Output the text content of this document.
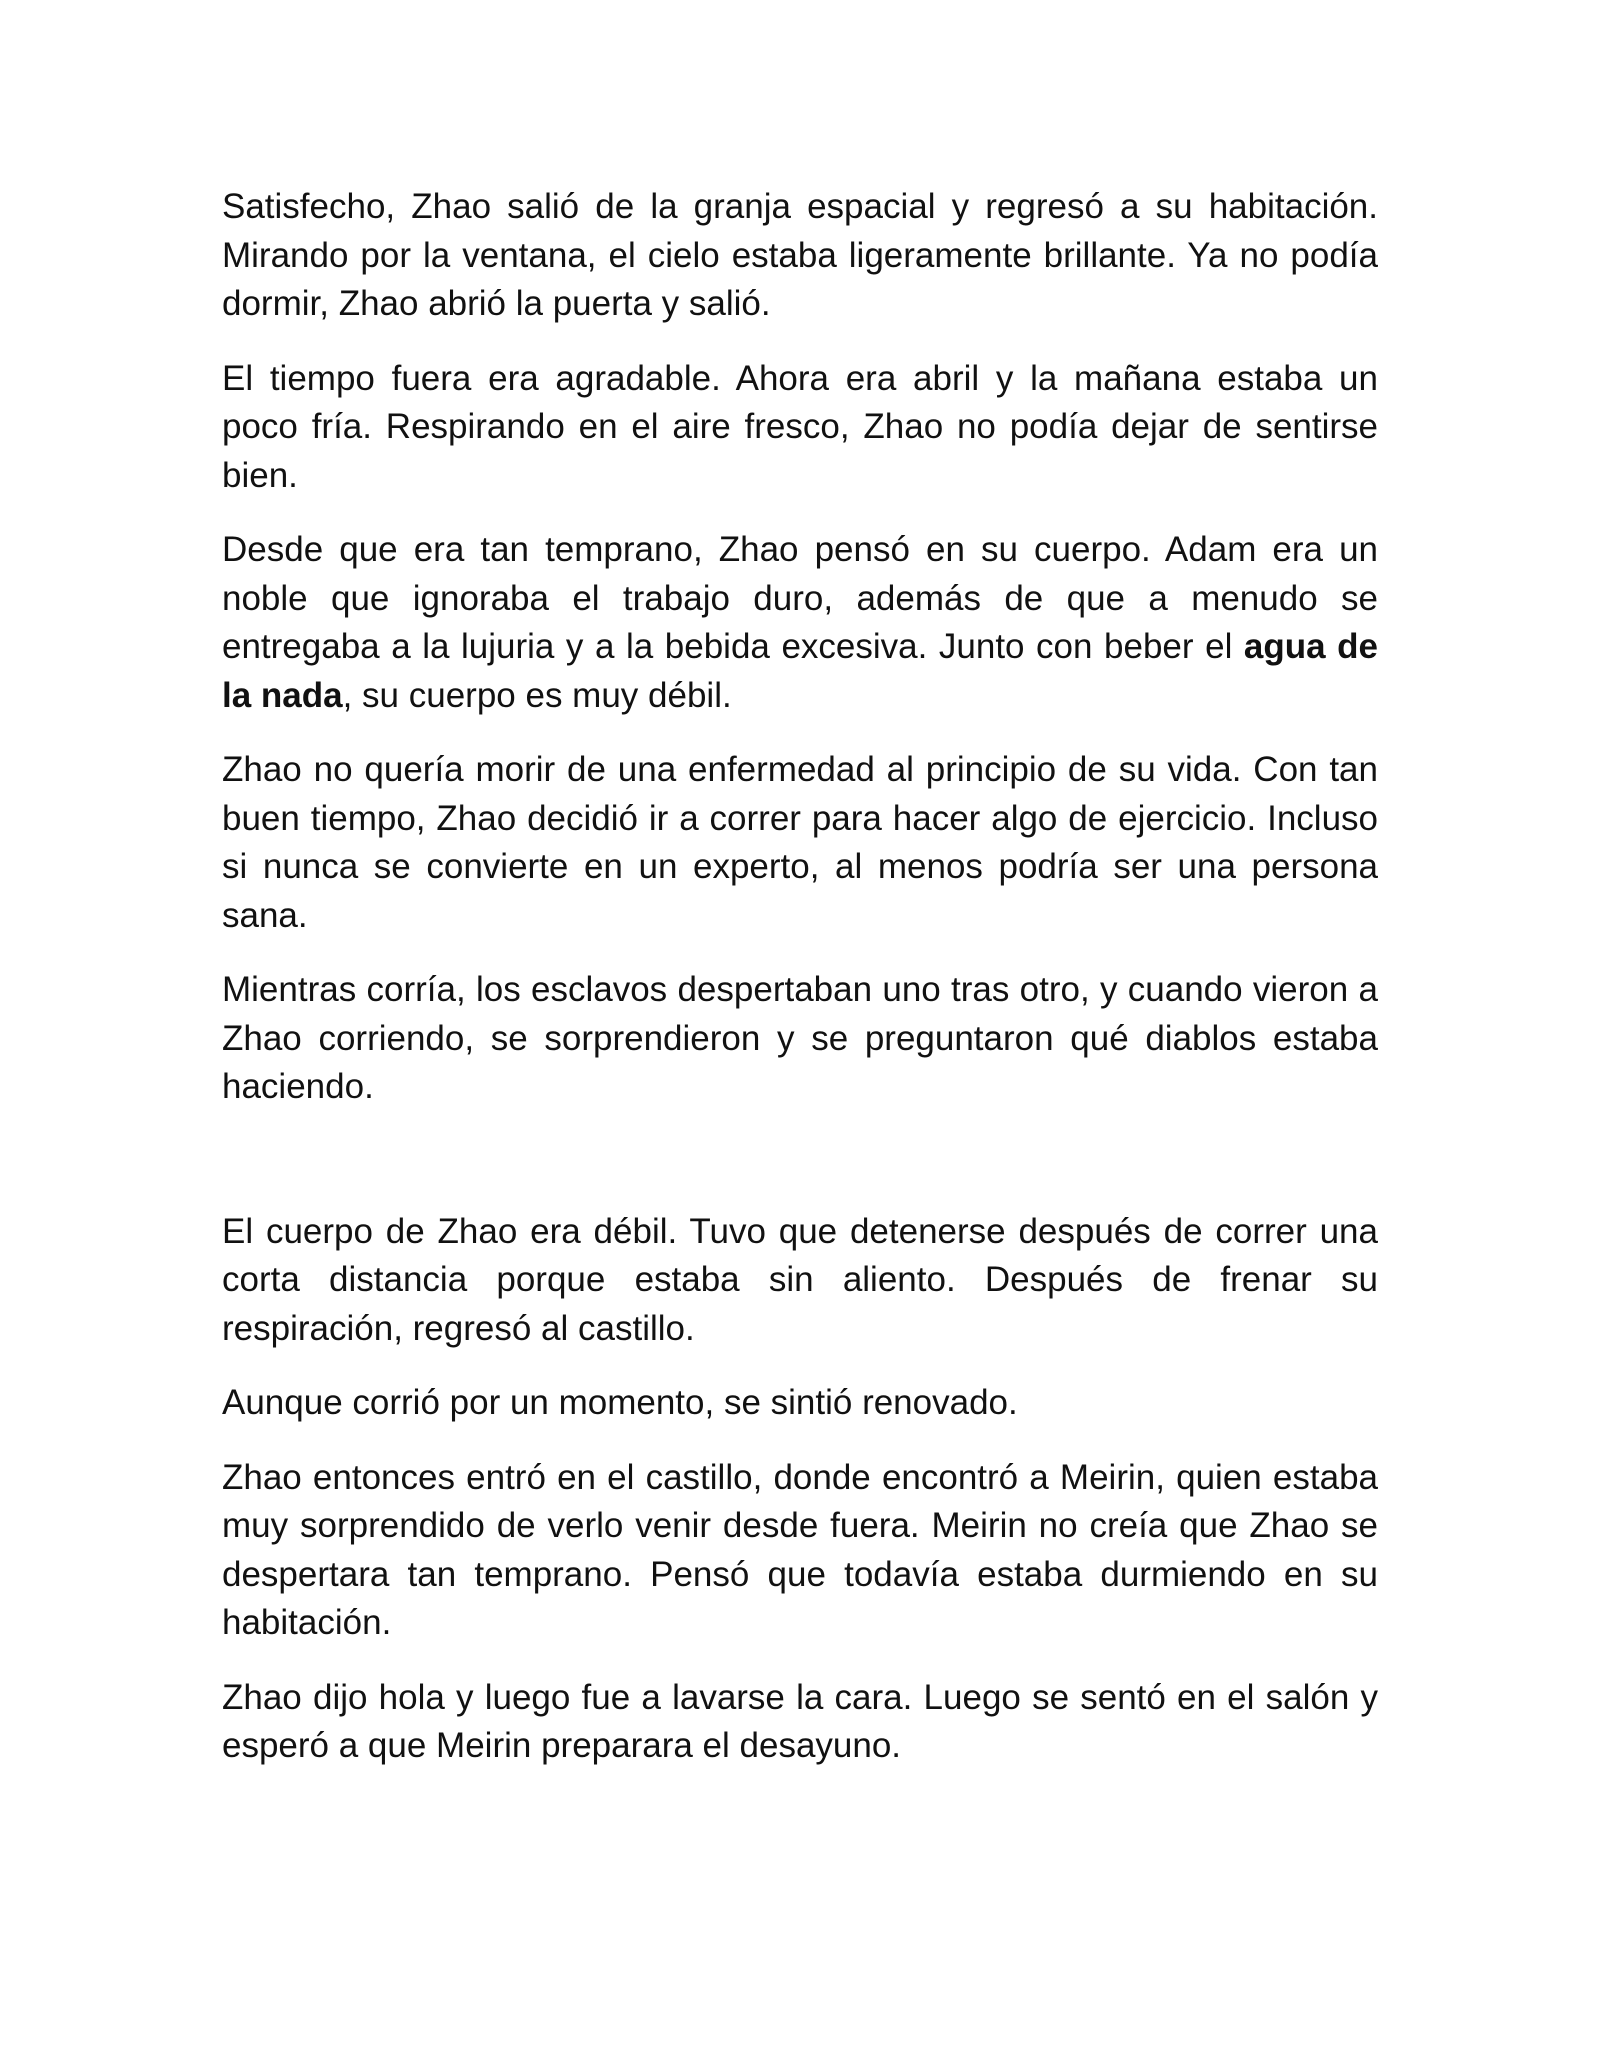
Satisfecho, Zhao salió de la granja espacial y regresó a su habitación. Mirando por la ventana, el cielo estaba ligeramente brillante. Ya no podía dormir, Zhao abrió la puerta y salió.

El tiempo fuera era agradable. Ahora era abril y la mañana estaba un poco fría. Respirando en el aire fresco, Zhao no podía dejar de sentirse bien.

Desde que era tan temprano, Zhao pensó en su cuerpo. Adam era un noble que ignoraba el trabajo duro, además de que a menudo se entregaba a la lujuria y a la bebida excesiva. Junto con beber el agua de la nada, su cuerpo es muy débil.

Zhao no quería morir de una enfermedad al principio de su vida. Con tan buen tiempo, Zhao decidió ir a correr para hacer algo de ejercicio. Incluso si nunca se convierte en un experto, al menos podría ser una persona sana.

Mientras corría, los esclavos despertaban uno tras otro, y cuando vieron a Zhao corriendo, se sorprendieron y se preguntaron qué diablos estaba haciendo.

El cuerpo de Zhao era débil. Tuvo que detenerse después de correr una corta distancia porque estaba sin aliento. Después de frenar su respiración, regresó al castillo.

Aunque corrió por un momento, se sintió renovado.

Zhao entonces entró en el castillo, donde encontró a Meirin, quien estaba muy sorprendido de verlo venir desde fuera. Meirin no creía que Zhao se despertara tan temprano. Pensó que todavía estaba durmiendo en su habitación.

Zhao dijo hola y luego fue a lavarse la cara. Luego se sentó en el salón y esperó a que Meirin preparara el desayuno.
